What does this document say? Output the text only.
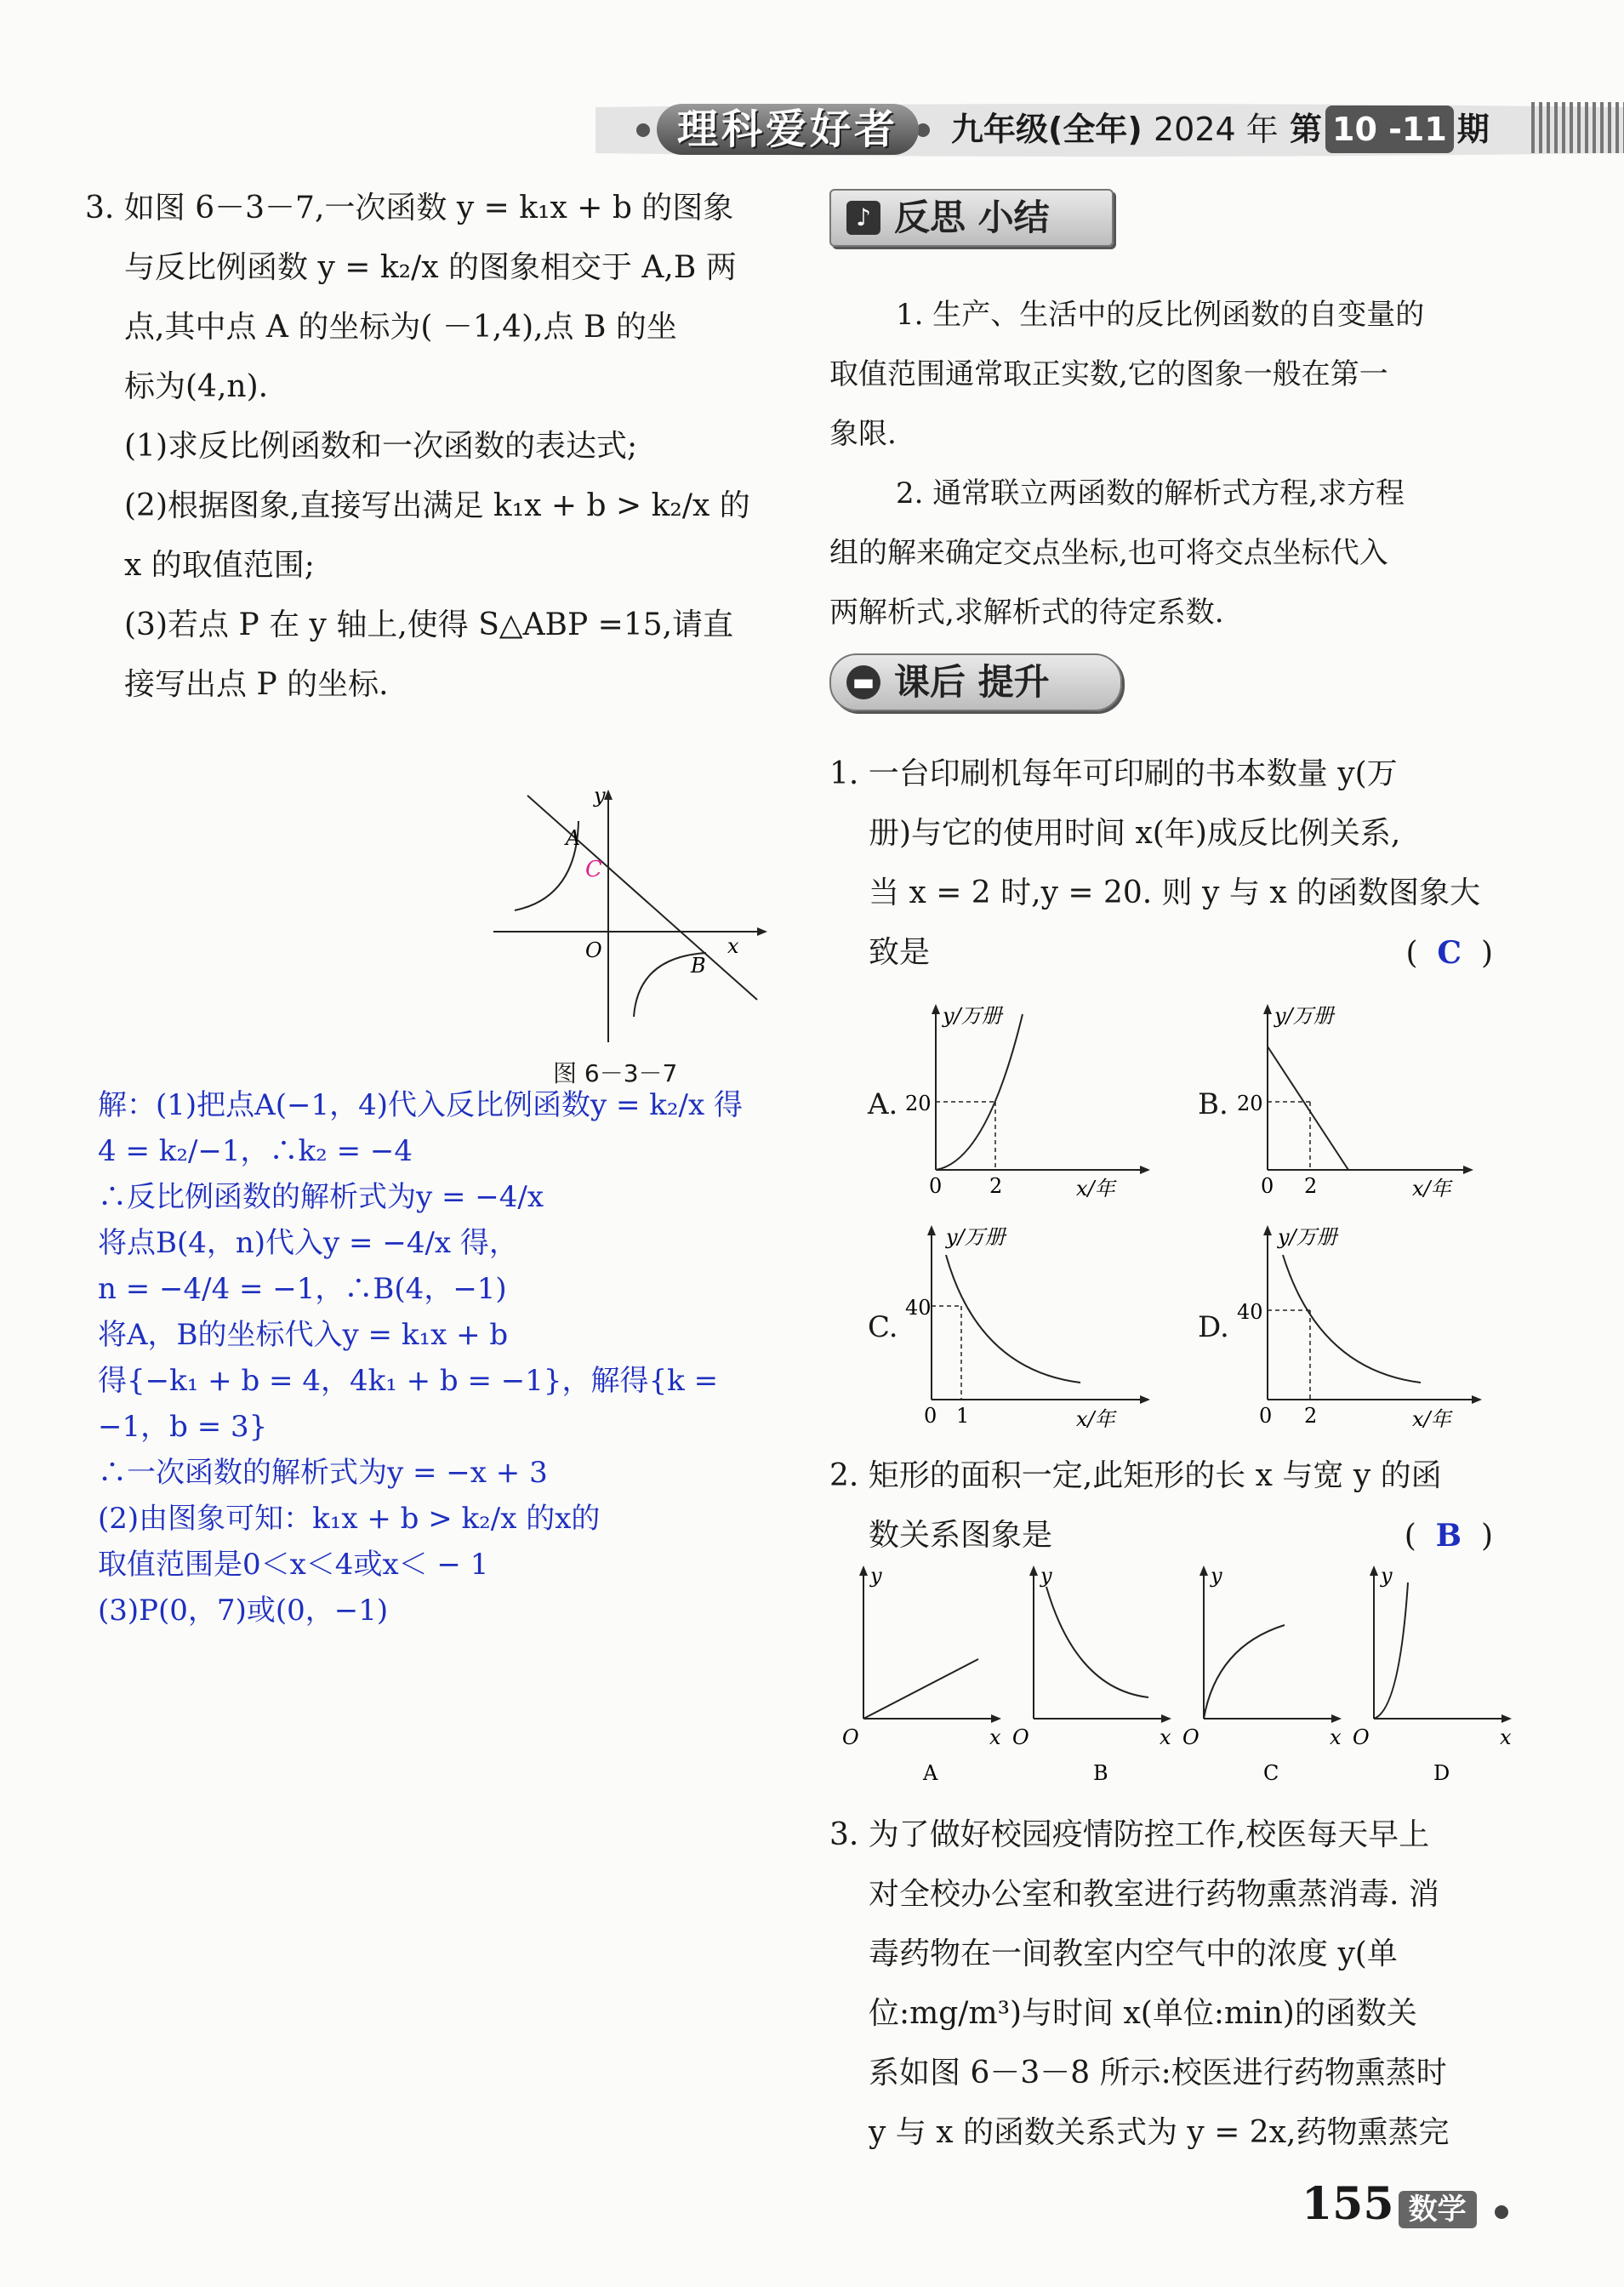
理科爱好者	九年级(全年) 2024 年 第 10 -11 期

3. 如图 6－3－7,一次函数 y = k₁x + b 的图象

与反比例函数 y = k₂/x 的图象相交于 A,B 两

点,其中点 A 的坐标为( －1,4),点 B 的坐

标为(4,n).

(1)求反比例函数和一次函数的表达式;

(2)根据图象,直接写出满足 k₁x + b > k₂/x 的

x 的取值范围;

(3)若点 P 在 y 轴上,使得 S△ABP =15,请直

接写出点 P 的坐标.

y
x
O
A
C
B
图 6－3－7

解：(1)把点A(−1，4)代入反比例函数y = k₂/x 得

4 = k₂/−1，∴k₂ = −4

∴反比例函数的解析式为y = −4/x

将点B(4，n)代入y = −4/x 得，

n = −4/4 = −1，∴B(4，−1)

将A，B的坐标代入y = k₁x + b

得{−k₁ + b = 4，4k₁ + b = −1}，解得{k = −1，b = 3}

∴一次函数的解析式为y = −x + 3

(2)由图象可知：k₁x + b > k₂/x 的x的

取值范围是0＜x＜4或x＜ − 1

(3)P(0，7)或(0，−1)

♪ 反思 小结

1. 生产、生活中的反比例函数的自变量的

取值范围通常取正实数,它的图象一般在第一

象限.

2. 通常联立两函数的解析式方程,求方程

组的解来确定交点坐标,也可将交点坐标代入

两解析式,求解析式的待定系数.

▬ 课后 提升

1. 一台印刷机每年可印刷的书本数量 y(万

册)与它的使用时间 x(年)成反比例关系,

当 x = 2 时,y = 20. 则 y 与 x 的函数图象大

致是	(  C  )

A.
y/万册
x/年
20
2
0
B.
y/万册
x/年
20
2
0
C.
y/万册
x/年
40
1
0
D.
y/万册
x/年
40
2
0

2. 矩形的面积一定,此矩形的长 x 与宽 y 的函

数关系图象是	(  B  )

y
x
O
A
y
x
O
B
y
x
O
C
y
x
O
D

3. 为了做好校园疫情防控工作,校医每天早上

对全校办公室和教室进行药物熏蒸消毒. 消

毒药物在一间教室内空气中的浓度 y(单

位:mg/m³)与时间 x(单位:min)的函数关

系如图 6－3－8 所示:校医进行药物熏蒸时

y 与 x 的函数关系式为 y = 2x,药物熏蒸完

155 数学
